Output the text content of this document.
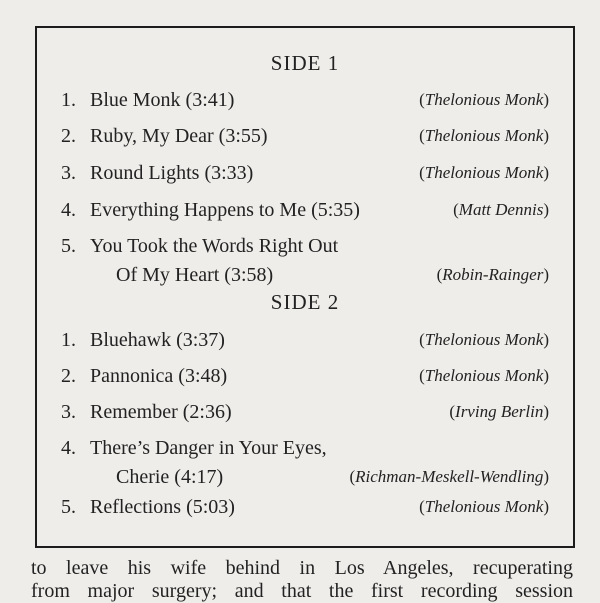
SIDE 1
1. Blue Monk (3:41)	(Thelonious Monk)
2. Ruby, My Dear (3:55)	(Thelonious Monk)
3. Round Lights (3:33)	(Thelonious Monk)
4. Everything Happens to Me (5:35)	(Matt Dennis)
5. You Took the Words Right Out
Of My Heart (3:58)	(Robin-Rainger)
SIDE 2
1. Bluehawk (3:37)	(Thelonious Monk)
2. Pannonica (3:48)	(Thelonious Monk)
3. Remember (2:36)	(Irving Berlin)
4. There’s Danger in Your Eyes,
Cherie (4:17)	(Richman-Meskell-Wendling)
5. Reflections (5:03)	(Thelonious Monk)
to leave his wife behind in Los Angeles, recuperating
from major surgery; and that the first recording session
